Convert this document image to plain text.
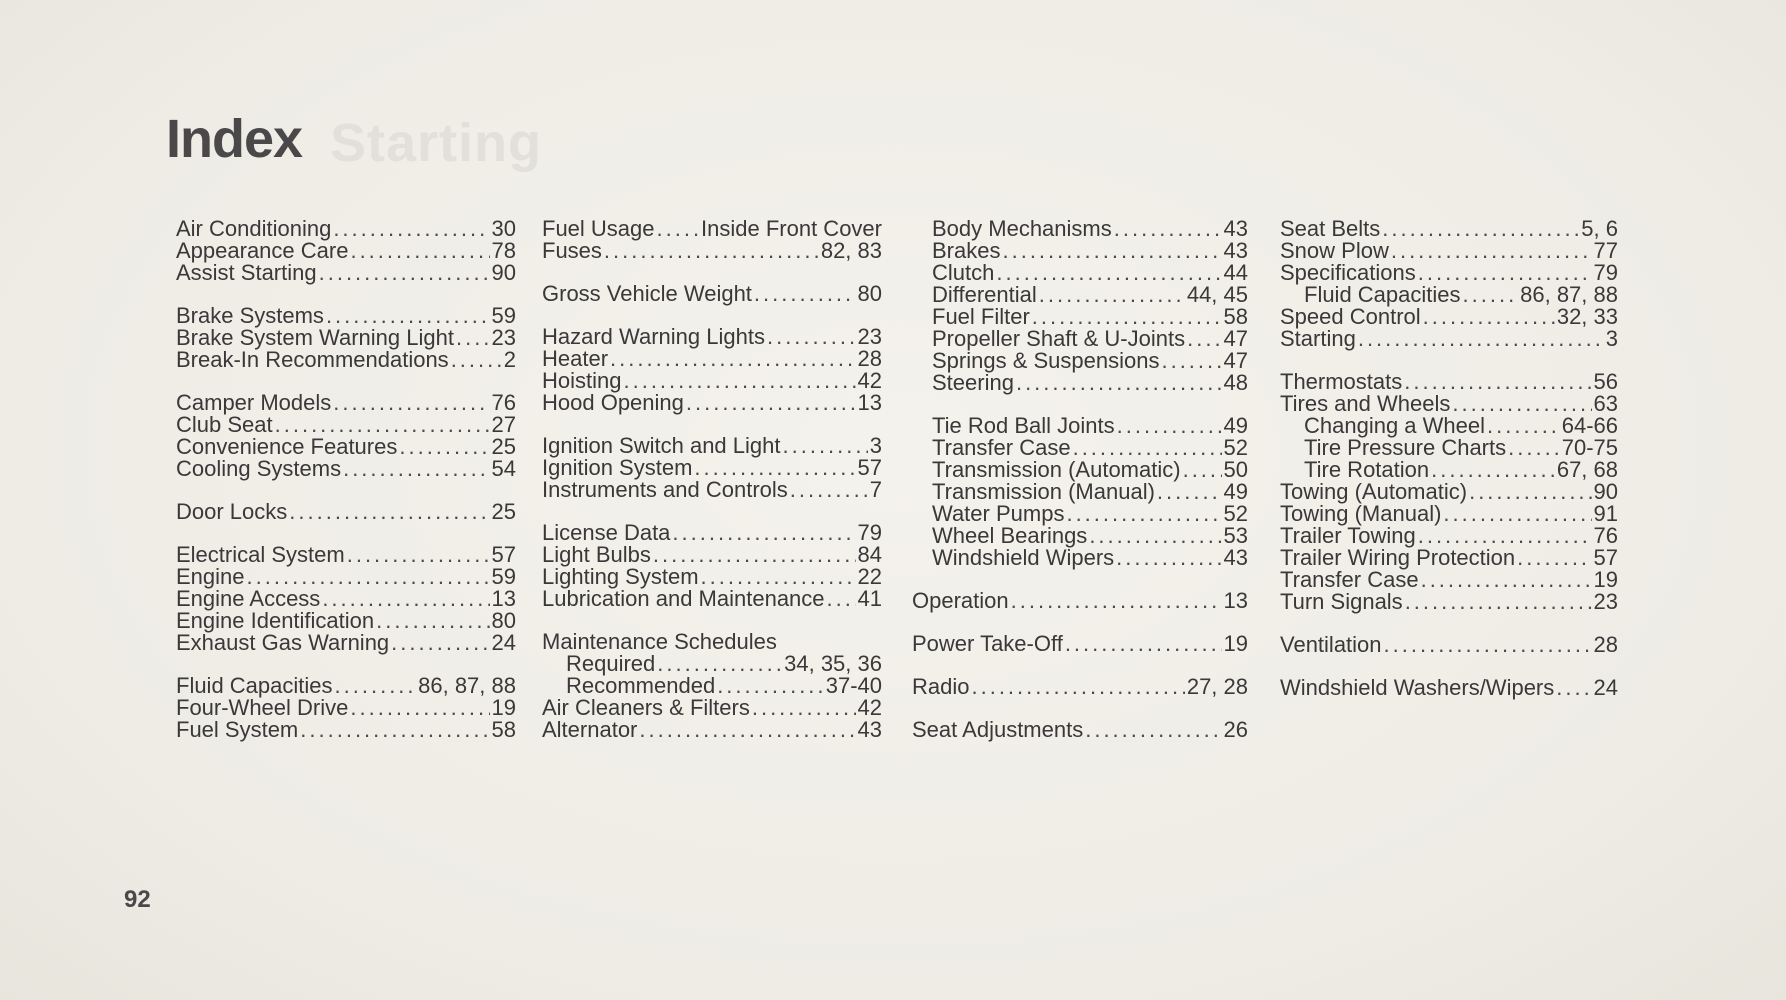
Starting
Index
Air Conditioning .....	30
Appearance Care .....	78
Assist Starting .....	90
Brake Systems .....	59
Brake System Warning Light ..... 23
Break-In Recommendations .....	2
Camper Models .....	76
Club Seat .....	27
Convenience Features .....	25
Cooling Systems .....	54
Door Locks .....	25
Electrical System .....	57
Engine .....	59
Engine Access .....	13
Engine Identification .....	80
Exhaust Gas Warning .....	24
Fluid Capacities .....	86, 87, 88
Four-Wheel Drive .....	19
Fuel System .....	58
Fuel Usage ..... Inside Front Cover
Fuses .....	82, 83
Gross Vehicle Weight .....	80
Hazard Warning Lights .....	23
Heater .....	28
Hoisting .....	42
Hood Opening .....	13
Ignition Switch and Light .....	3
Ignition System .....	57
Instruments and Controls .....	7
License Data .....	79
Light Bulbs .....	84
Lighting System .....	22
Lubrication and Maintenance ..... 41
Maintenance Schedules
Required .....	34, 35, 36
Recommended .....	37-40
Air Cleaners & Filters .....	42
Alternator .....	43
Body Mechanisms .....	43
Brakes .....	43
Clutch .....	44
Differential .....	44, 45
Fuel Filter .....	58
Propeller Shaft & U-Joints ..... 47
Springs & Suspensions .....	47
Steering .....	48
Tie Rod Ball Joints .....	49
Transfer Case .....	52
Transmission (Automatic) ..... 50
Transmission (Manual) .....	49
Water Pumps .....	52
Wheel Bearings .....	53
Windshield Wipers .....	43
Operation .....	13
Power Take-Off .....	19
Radio .....	27, 28
Seat Adjustments .....	26
Seat Belts .....	5, 6
Snow Plow .....	77
Specifications .....	79
Fluid Capacities .....	86, 87, 88
Speed Control .....	32, 33
Starting .....	3
Thermostats .....	56
Tires and Wheels .....	63
Changing a Wheel .....	64-66
Tire Pressure Charts .....	70-75
Tire Rotation .....	67, 68
Towing (Automatic) .....	90
Towing (Manual) .....	91
Trailer Towing .....	76
Trailer Wiring Protection .....	57
Transfer Case .....	19
Turn Signals .....	23
Ventilation .....	28
Windshield Washers/Wipers ..... 24
92
